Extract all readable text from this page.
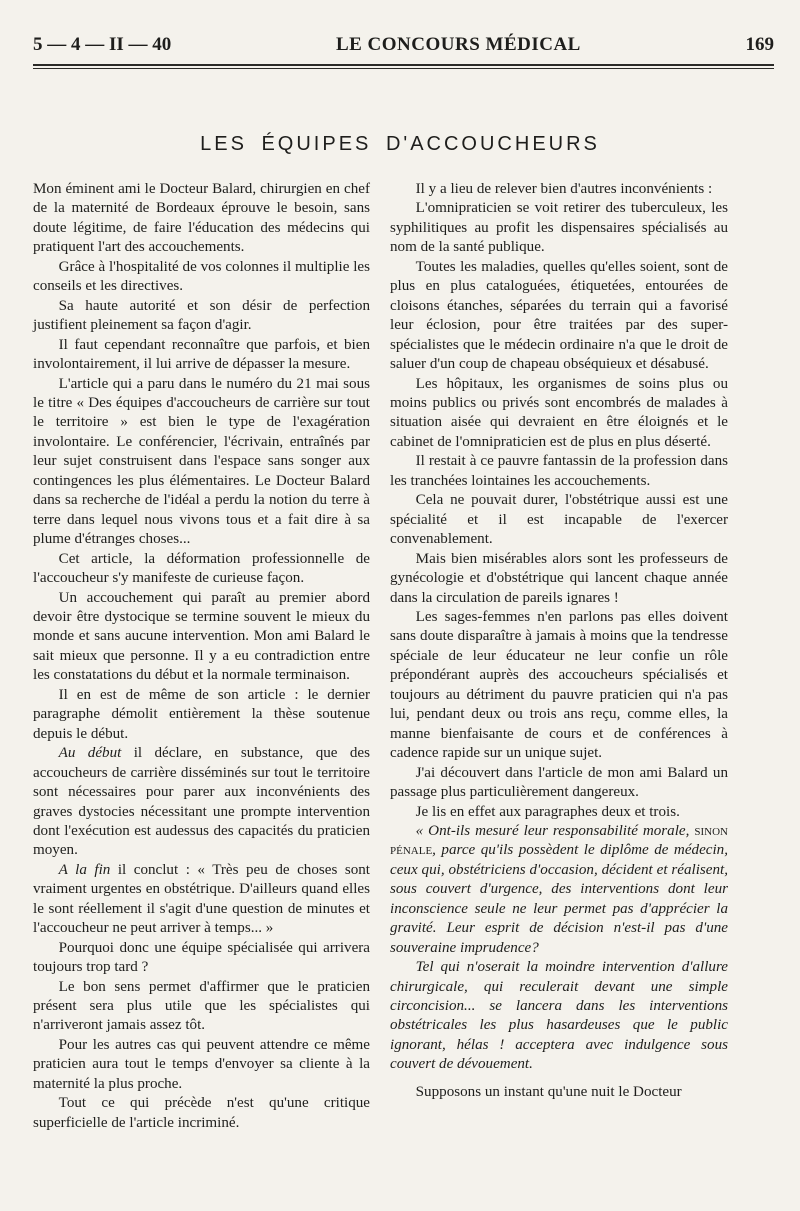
5 — 4 — II — 40	LE CONCOURS MÉDICAL	169
LES ÉQUIPES D'ACCOUCHEURS

Mon éminent ami le Docteur Balard, chirurgien en chef de la maternité de Bordeaux éprouve le besoin, sans doute légitime, de faire l'éducation des médecins qui pratiquent l'art des accouchements.

Grâce à l'hospitalité de vos colonnes il multiplie les conseils et les directives.

Sa haute autorité et son désir de perfection justifient pleinement sa façon d'agir.

Il faut cependant reconnaître que parfois, et bien involontairement, il lui arrive de dépasser la mesure.

L'article qui a paru dans le numéro du 21 mai sous le titre « Des équipes d'accoucheurs de carrière sur tout le territoire » est bien le type de l'exagération involontaire. Le conférencier, l'écrivain, entraînés par leur sujet construisent dans l'espace sans songer aux contingences les plus élémentaires. Le Docteur Balard dans sa recherche de l'idéal a perdu la notion du terre à terre dans lequel nous vivons tous et a fait dire à sa plume d'étranges choses...

Cet article, la déformation professionnelle de l'accoucheur s'y manifeste de curieuse façon.

Un accouchement qui paraît au premier abord devoir être dystocique se termine souvent le mieux du monde et sans aucune intervention. Mon ami Balard le sait mieux que personne. Il y a eu contradiction entre les constatations du début et la normale terminaison.

Il en est de même de son article : le dernier paragraphe démolit entièrement la thèse soutenue depuis le début.

Au début il déclare, en substance, que des accoucheurs de carrière disséminés sur tout le territoire sont nécessaires pour parer aux inconvénients des graves dystocies nécessitant une prompte intervention dont l'exécution est audessus des capacités du praticien moyen.

A la fin il conclut : « Très peu de choses sont vraiment urgentes en obstétrique. D'ailleurs quand elles le sont réellement il s'agit d'une question de minutes et l'accoucheur ne peut arriver à temps... »

Pourquoi donc une équipe spécialisée qui arrivera toujours trop tard ?

Le bon sens permet d'affirmer que le praticien présent sera plus utile que les spécialistes qui n'arriveront jamais assez tôt.

Pour les autres cas qui peuvent attendre ce même praticien aura tout le temps d'envoyer sa cliente à la maternité la plus proche.

Tout ce qui précède n'est qu'une critique superficielle de l'article incriminé.

Il y a lieu de relever bien d'autres inconvénients :

L'omnipraticien se voit retirer des tuberculeux, les syphilitiques au profit les dispensaires spécialisés au nom de la santé publique.

Toutes les maladies, quelles qu'elles soient, sont de plus en plus cataloguées, étiquetées, entourées de cloisons étanches, séparées du terrain qui a favorisé leur éclosion, pour être traitées par des super-spécialistes que le médecin ordinaire n'a que le droit de saluer d'un coup de chapeau obséquieux et désabusé.

Les hôpitaux, les organismes de soins plus ou moins publics ou privés sont encombrés de malades à situation aisée qui devraient en être éloignés et le cabinet de l'omnipraticien est de plus en plus déserté.

Il restait à ce pauvre fantassin de la profession dans les tranchées lointaines les accouchements.

Cela ne pouvait durer, l'obstétrique aussi est une spécialité et il est incapable de l'exercer convenablement.

Mais bien misérables alors sont les professeurs de gynécologie et d'obstétrique qui lancent chaque année dans la circulation de pareils ignares !

Les sages-femmes n'en parlons pas elles doivent sans doute disparaître à jamais à moins que la tendresse spéciale de leur éducateur ne leur confie un rôle prépondérant auprès des accoucheurs spécialisés et toujours au détriment du pauvre praticien qui n'a pas lui, pendant deux ou trois ans reçu, comme elles, la manne bienfaisante de cours et de conférences à cadence rapide sur un unique sujet.

J'ai découvert dans l'article de mon ami Balard un passage plus particulièrement dangereux.

Je lis en effet aux paragraphes deux et trois.

« Ont-ils mesuré leur responsabilité morale, sinon pénale, parce qu'ils possèdent le diplôme de médecin, ceux qui, obstétriciens d'occasion, décident et réalisent, sous couvert d'urgence, des interventions dont leur inconscience seule ne leur permet pas d'apprécier la gravité. Leur esprit de décision n'est-il pas d'une souveraine imprudence?

Tel qui n'oserait la moindre intervention d'allure chirurgicale, qui reculerait devant une simple circoncision... se lancera dans les interventions obstétricales les plus hasardeuses que le public ignorant, hélas ! acceptera avec indulgence sous couvert de dévouement.

Supposons un instant qu'une nuit le Docteur
